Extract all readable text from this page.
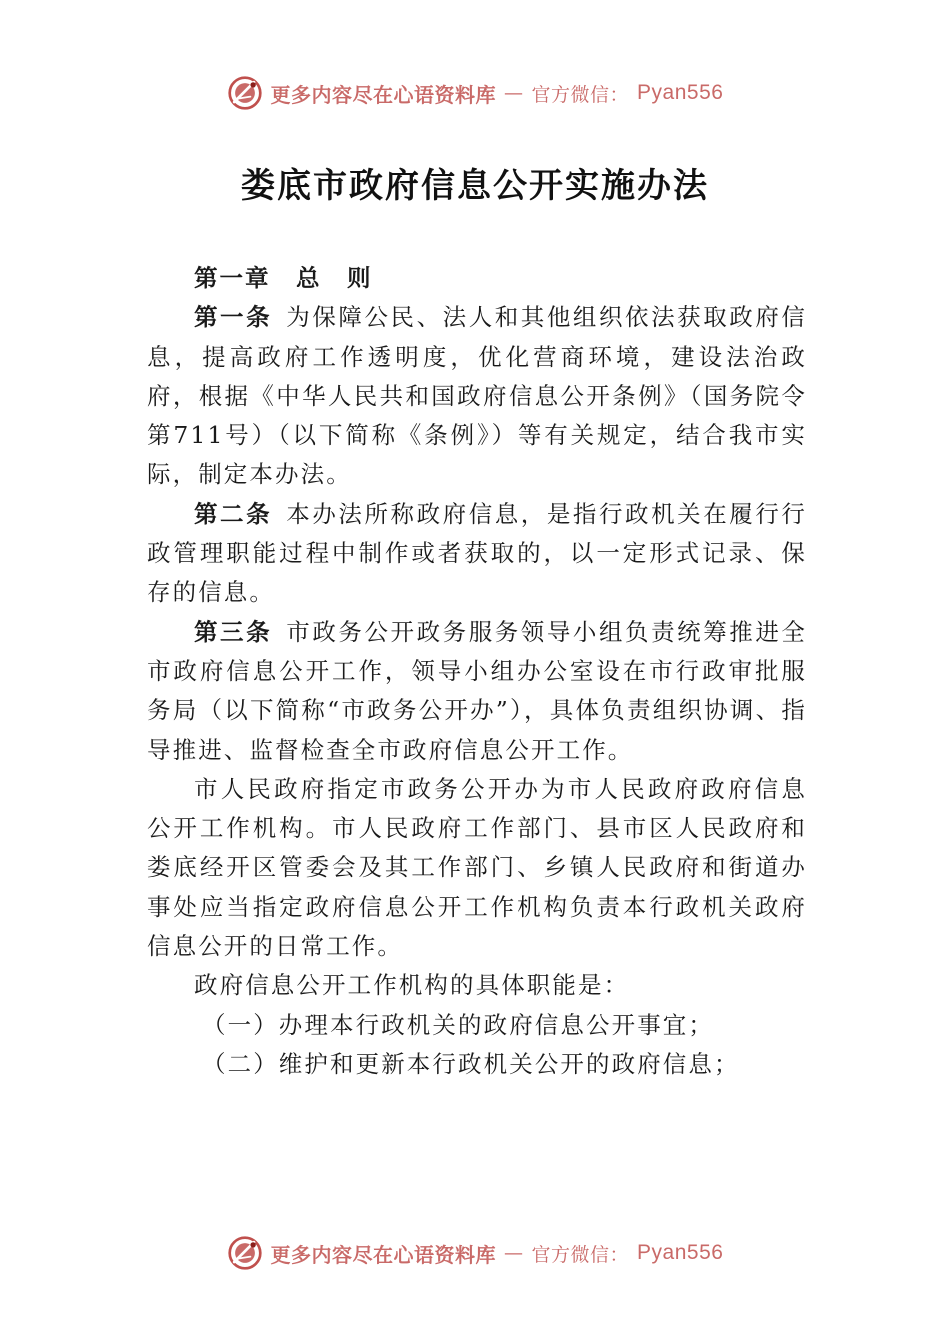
更多内容尽在心语资料库 — 官方微信： Pyan556
娄底市政府信息公开实施办法

第一章　总　则

第一条 为保障公民、法人和其他组织依法获取政府信息，提高政府工作透明度，优化营商环境，建设法治政府，根据《中华人民共和国政府信息公开条例》（国务院令第711号）（以下简称《条例》）等有关规定，结合我市实际，制定本办法。

第二条 本办法所称政府信息，是指行政机关在履行行政管理职能过程中制作或者获取的，以一定形式记录、保存的信息。

第三条 市政务公开政务服务领导小组负责统筹推进全市政府信息公开工作，领导小组办公室设在市行政审批服务局（以下简称“市政务公开办”），具体负责组织协调、指导推进、监督检查全市政府信息公开工作。

市人民政府指定市政务公开办为市人民政府政府信息公开工作机构。市人民政府工作部门、县市区人民政府和娄底经开区管委会及其工作部门、乡镇人民政府和街道办事处应当指定政府信息公开工作机构负责本行政机关政府信息公开的日常工作。

政府信息公开工作机构的具体职能是：

（一）办理本行政机关的政府信息公开事宜；

（二）维护和更新本行政机关公开的政府信息；

更多内容尽在心语资料库 — 官方微信： Pyan556
